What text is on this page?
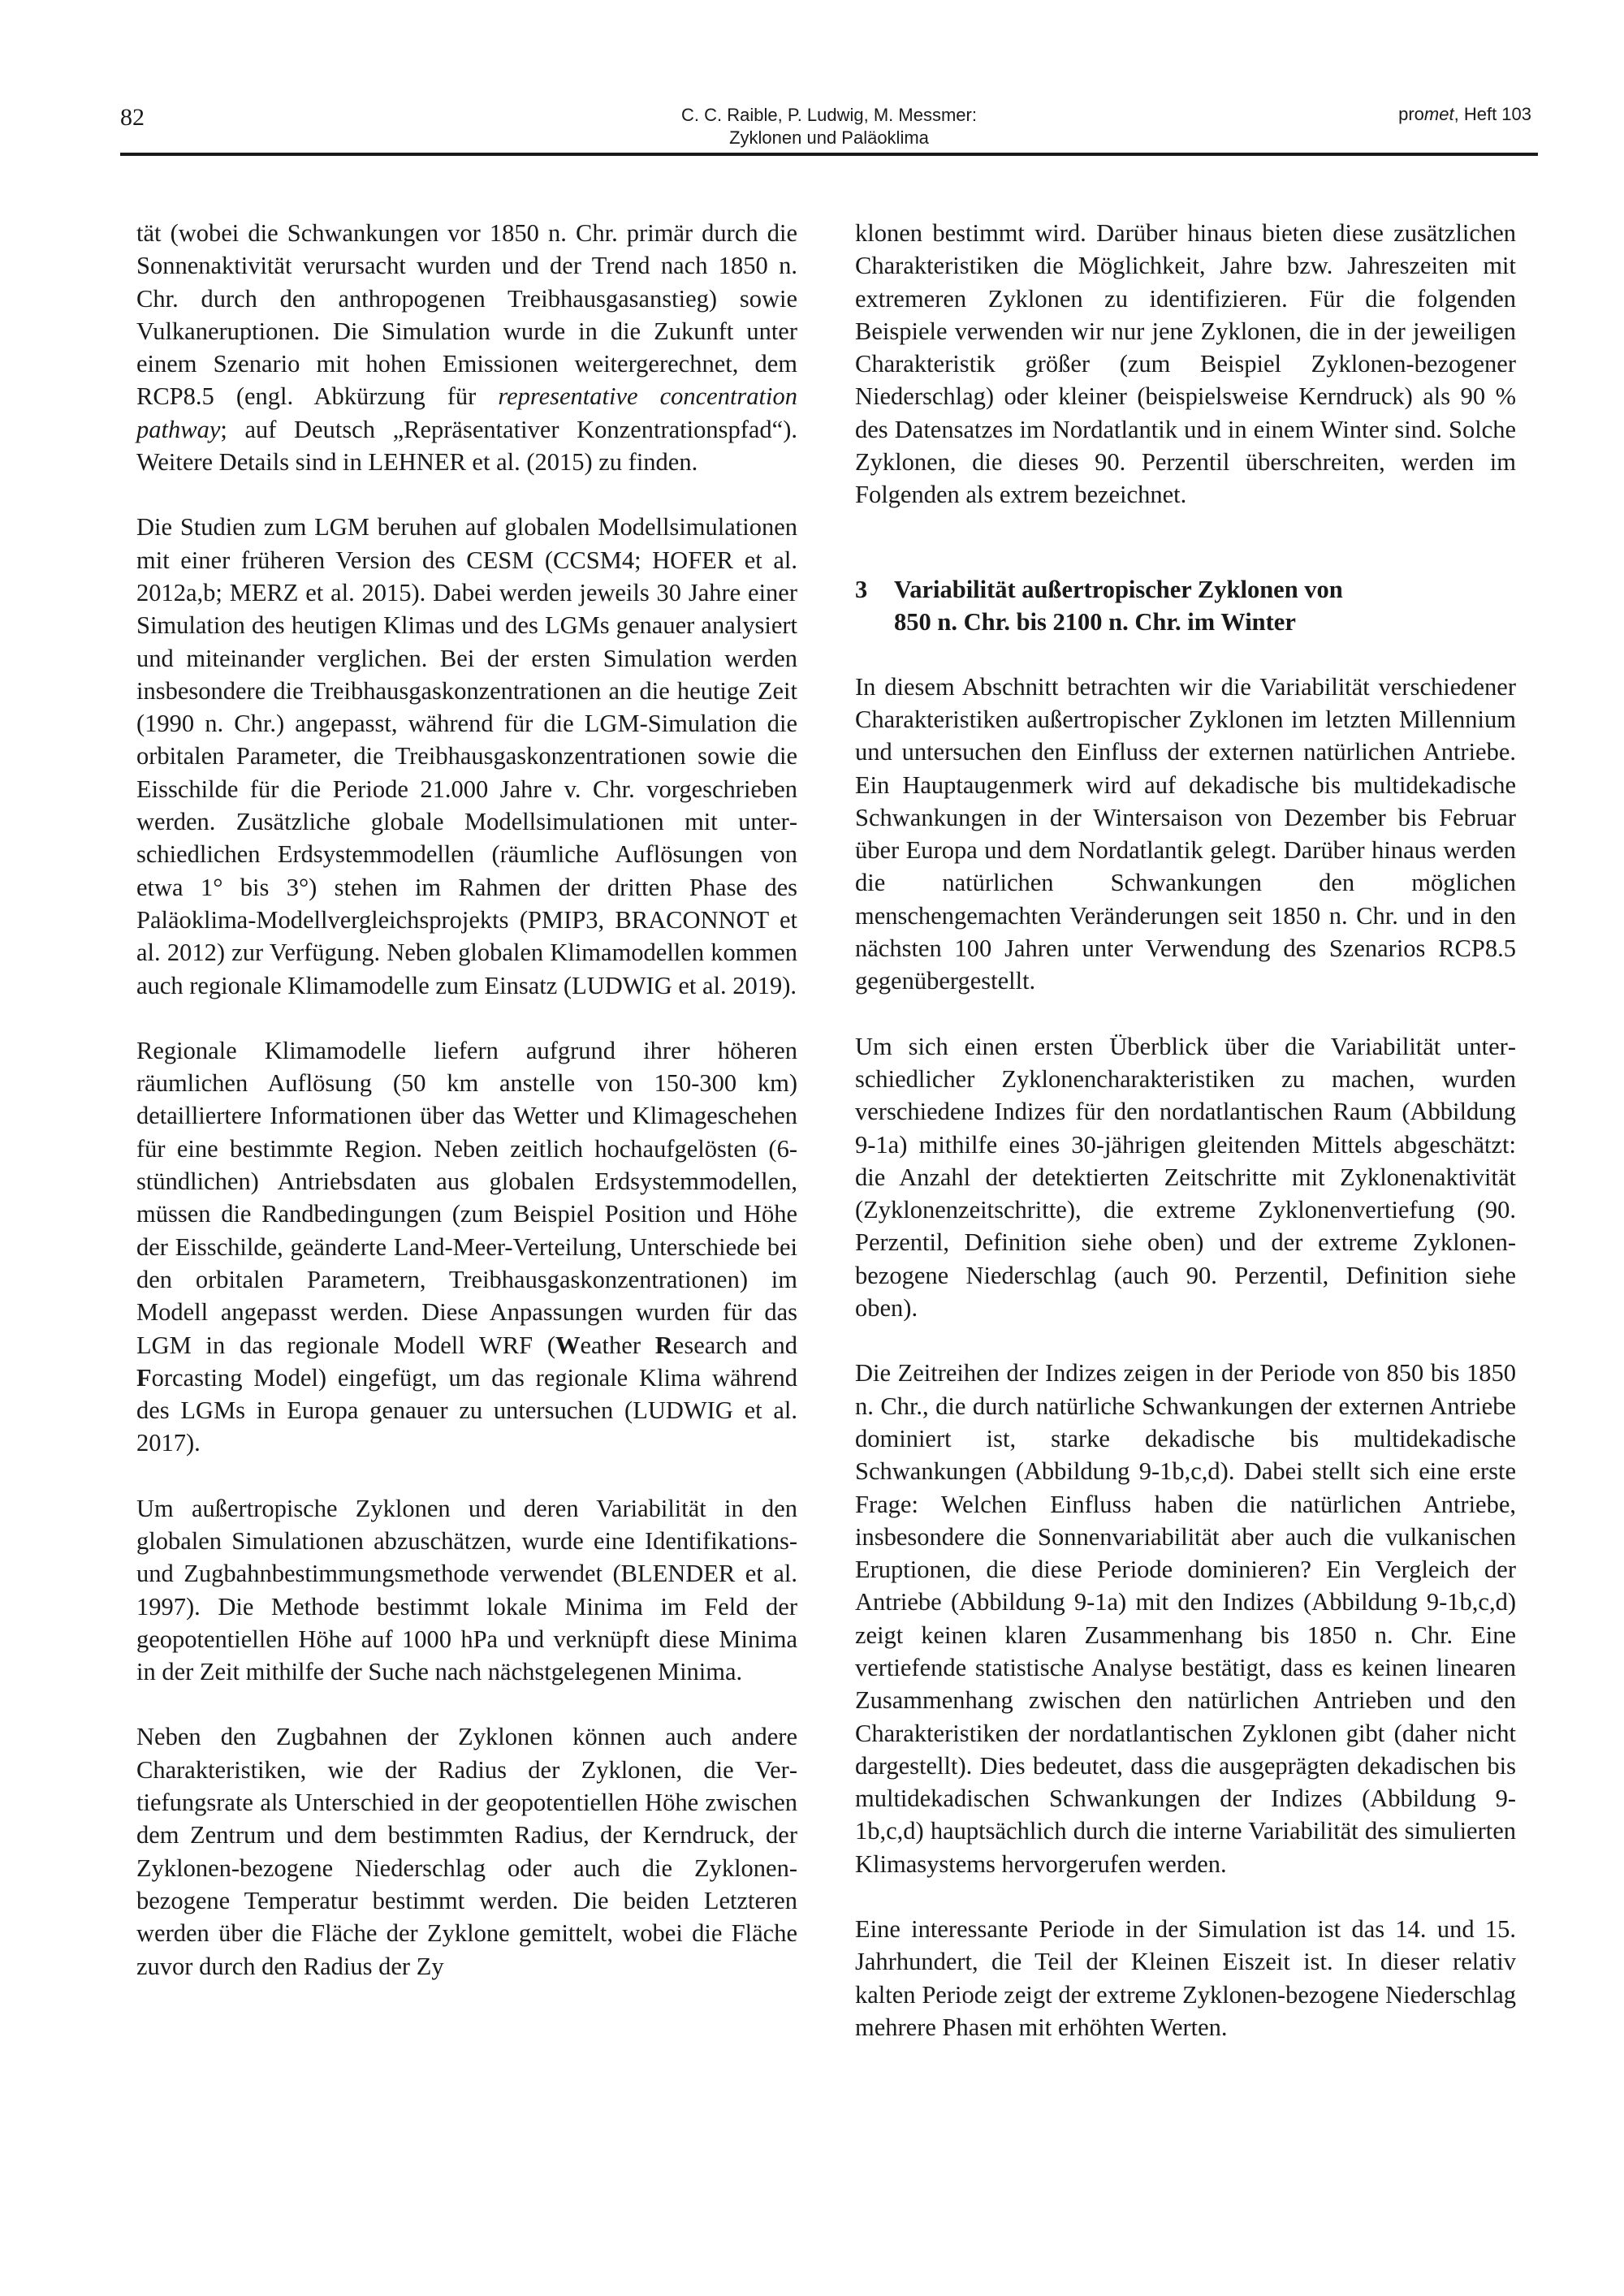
82	C. C. Raible, P. Ludwig, M. Messmer:
Zyklonen und Paläoklima
promet, Heft 103

tät (wobei die Schwankungen vor 1850 n. Chr. primär durch die Sonnenaktivität verursacht wurden und der Trend nach 1850 n. Chr. durch den anthropogenen Treibhausgasanstieg) sowie Vulkaneruptionen. Die Simulation wurde in die Zukunft unter einem Szenario mit hohen Emissionen weitergerechnet, dem RCP8.5 (engl. Abkürzung für representative concentration pathway; auf Deutsch „Repräsentativer Konzentrationspfad“). Weitere Details sind in LEHNER et al. (2015) zu finden.

Die Studien zum LGM beruhen auf globalen Modellsimulationen mit einer früheren Version des CESM (CCSM4; HOFER et al. 2012a,b; MERZ et al. 2015). Dabei werden jeweils 30 Jahre einer Simulation des heutigen Klimas und des LGMs genauer analysiert und miteinander verglichen. Bei der ersten Simulation werden insbesondere die Treibhausgaskonzentrationen an die heutige Zeit (1990 n. Chr.) angepasst, während für die LGM-Simulation die orbitalen Parameter, die Treibhausgaskonzentrationen sowie die Eisschilde für die Periode 21.000 Jahre v. Chr. vorgeschrieben werden. Zusätzliche globale Modellsimulationen mit unterschiedlichen Erdsystemmodellen (räumliche Auflösungen von etwa 1° bis 3°) stehen im Rahmen der dritten Phase des Paläoklima-Modellvergleichsprojekts (PMIP3, BRACONNOT et al. 2012) zur Verfügung. Neben globalen Klimamodellen kommen auch regionale Klimamodelle zum Einsatz (LUDWIG et al. 2019).

Regionale Klimamodelle liefern aufgrund ihrer höheren räumlichen Auflösung (50 km anstelle von 150-300 km) detailliertere Informationen über das Wetter und Klimageschehen für eine bestimmte Region. Neben zeitlich hochaufgelösten (6-stündlichen) Antriebsdaten aus globalen Erdsystemmodellen, müssen die Randbedingungen (zum Beispiel Position und Höhe der Eisschilde, geänderte Land-Meer-Verteilung, Unterschiede bei den orbitalen Parametern, Treibhausgaskonzentrationen) im Modell angepasst werden. Diese Anpassungen wurden für das LGM in das regionale Modell WRF (Weather Research and Forcasting Model) eingefügt, um das regionale Klima während des LGMs in Europa genauer zu untersuchen (LUDWIG et al. 2017).

Um außertropische Zyklonen und deren Variabilität in den globalen Simulationen abzuschätzen, wurde eine Identifikations- und Zugbahnbestimmungsmethode verwendet (BLENDER et al. 1997). Die Methode bestimmt lokale Minima im Feld der geopotentiellen Höhe auf 1000 hPa und verknüpft diese Minima in der Zeit mithilfe der Suche nach nächstgelegenen Minima.

Neben den Zugbahnen der Zyklonen können auch andere Charakteristiken, wie der Radius der Zyklonen, die Vertiefungsrate als Unterschied in der geopotentiellen Höhe zwischen dem Zentrum und dem bestimmten Radius, der Kerndruck, der Zyklonen-bezogene Niederschlag oder auch die Zyklonen-bezogene Temperatur bestimmt werden. Die beiden Letzteren werden über die Fläche der Zyklone gemittelt, wobei die Fläche zuvor durch den Radius der Zy

klonen bestimmt wird. Darüber hinaus bieten diese zusätzlichen Charakteristiken die Möglichkeit, Jahre bzw. Jahreszeiten mit extremeren Zyklonen zu identifizieren. Für die folgenden Beispiele verwenden wir nur jene Zyklonen, die in der jeweiligen Charakteristik größer (zum Beispiel Zyklonen-bezogener Niederschlag) oder kleiner (beispielsweise Kerndruck) als 90 % des Datensatzes im Nordatlantik und in einem Winter sind. Solche Zyklonen, die dieses 90. Perzentil überschreiten, werden im Folgenden als extrem bezeichnet.

3	Variabilität außertropischer Zyklonen von
850 n. Chr. bis 2100 n. Chr. im Winter

In diesem Abschnitt betrachten wir die Variabilität verschiedener Charakteristiken außertropischer Zyklonen im letzten Millennium und untersuchen den Einfluss der externen natürlichen Antriebe. Ein Hauptaugenmerk wird auf dekadische bis multidekadische Schwankungen in der Wintersaison von Dezember bis Februar über Europa und dem Nordatlantik gelegt. Darüber hinaus werden die natürlichen Schwankungen den möglichen menschengemachten Veränderungen seit 1850 n. Chr. und in den nächsten 100 Jahren unter Verwendung des Szenarios RCP8.5 gegenübergestellt.

Um sich einen ersten Überblick über die Variabilität unterschiedlicher Zyklonencharakteristiken zu machen, wurden verschiedene Indizes für den nordatlantischen Raum (Abbildung 9-1a) mithilfe eines 30-jährigen gleitenden Mittels abgeschätzt: die Anzahl der detektierten Zeitschritte mit Zyklonenaktivität (Zyklonenzeitschritte), die extreme Zyklonenvertiefung (90. Perzentil, Definition siehe oben) und der extreme Zyklonen-bezogene Niederschlag (auch 90. Perzentil, Definition siehe oben).

Die Zeitreihen der Indizes zeigen in der Periode von 850 bis 1850 n. Chr., die durch natürliche Schwankungen der externen Antriebe dominiert ist, starke dekadische bis multidekadische Schwankungen (Abbildung 9-1b,c,d). Dabei stellt sich eine erste Frage: Welchen Einfluss haben die natürlichen Antriebe, insbesondere die Sonnenvariabilität aber auch die vulkanischen Eruptionen, die diese Periode dominieren? Ein Vergleich der Antriebe (Abbildung 9-1a) mit den Indizes (Abbildung 9-1b,c,d) zeigt keinen klaren Zusammenhang bis 1850 n. Chr. Eine vertiefende statistische Analyse bestätigt, dass es keinen linearen Zusammenhang zwischen den natürlichen Antrieben und den Charakteristiken der nordatlantischen Zyklonen gibt (daher nicht dargestellt). Dies bedeutet, dass die ausgeprägten dekadischen bis multidekadischen Schwankungen der Indizes (Abbildung 9-1b,c,d) hauptsächlich durch die interne Variabilität des simulierten Klimasystems hervorgerufen werden.

Eine interessante Periode in der Simulation ist das 14. und 15. Jahrhundert, die Teil der Kleinen Eiszeit ist. In dieser relativ kalten Periode zeigt der extreme Zyklonen-bezogene Niederschlag mehrere Phasen mit erhöhten Werten.
